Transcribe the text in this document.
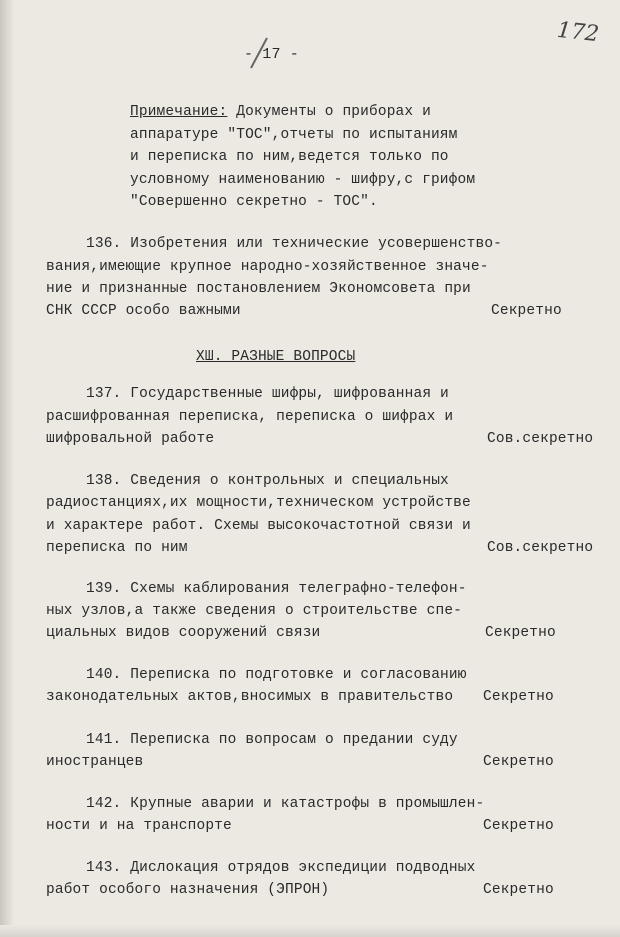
172
- 17 -
Примечание: Документы о приборах и
аппаратуре "ТОС",отчеты по испытаниям
и переписка по ним,ведется только по
условному наименованию - шифру,с грифом
"Совершенно секретно - ТОС".
136. Изобретения или технические усовершенство-
вания,имеющие крупное народно-хозяйственное значе-
ние и признанные постановлением Экономсовета при
СНК СССР особо важными	Секретно
XШ. РАЗНЫЕ ВОПРОСЫ
137. Государственные шифры, шифрованная и
расшифрованная переписка, переписка о шифрах и
шифровальной работе	Сов.секретно
138. Сведения о контрольных и специальных
радиостанциях,их мощности,техническом устройстве
и характере работ. Схемы высокочастотной связи и
переписка по ним	Сов.секретно
139. Схемы каблирования телеграфно-телефон-
ных узлов,а также сведения о строительстве спе-
циальных видов сооружений связи	Секретно
140. Переписка по подготовке и согласованию
законодательных актов,вносимых в правительство Секретно
141. Переписка по вопросам о предании суду
иностранцев	Секретно
142. Крупные аварии и катастрофы в промышлен-
ности и на транспорте	Секретно
143. Дислокация отрядов экспедиции подводных
работ особого назначения (ЭПРОН)	Секретно
